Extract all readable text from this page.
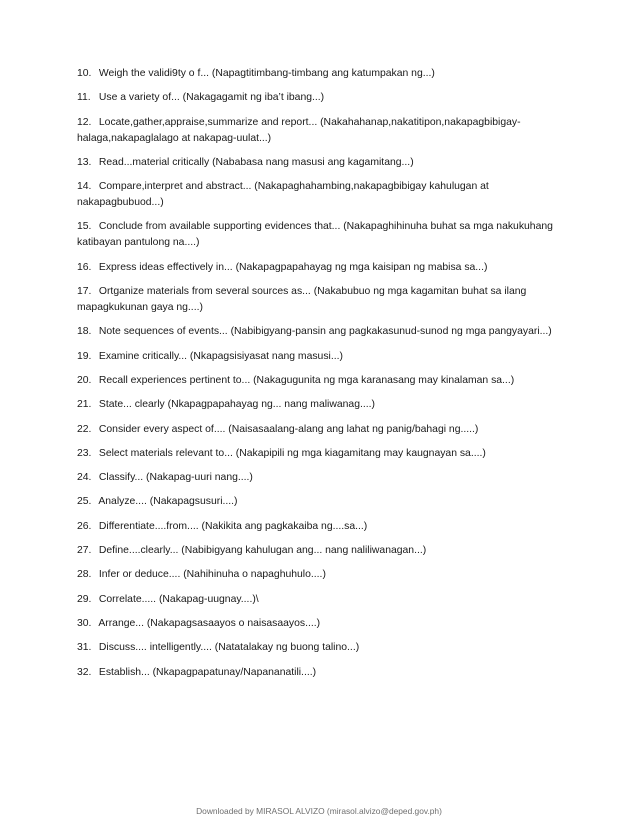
10. Weigh the validi9ty o f... (Napagtitimbang-timbang ang katumpakan ng...)
11. Use a variety of... (Nakagagamit ng iba’t ibang...)
12. Locate,gather,appraise,summarize and report... (Nakahahanap,nakatitipon,nakapagbibigay-halaga,nakapaglalago at nakapag-uulat...)
13. Read...material critically (Nababasa nang masusi ang kagamitang...)
14. Compare,interpret and abstract... (Nakapaghahambing,nakapagbibigay kahulugan at nakapagbubuod...)
15. Conclude from available supporting evidences that... (Nakapaghihinuha buhat sa mga nakukuhang katibayan pantulong na....)
16. Express ideas effectively in... (Nakapagpapahayag ng mga kaisipan ng mabisa sa...)
17. Ortganize materials from several sources as... (Nakabubuo ng mga kagamitan buhat sa ilang mapagkukunan gaya ng....)
18. Note sequences of events... (Nabibigyang-pansin ang pagkakasunud-sunod ng mga pangyayari...)
19. Examine critically... (Nkapagsisiyasat nang masusi...)
20. Recall experiences pertinent to... (Nakagugunita ng mga karanasang may kinalaman sa...)
21. State... clearly (Nkapagpapahayag ng... nang maliwanag....)
22. Consider every aspect of.... (Naisasaalang-alang ang lahat ng panig/bahagi ng.....)
23. Select materials relevant to... (Nakapipili ng mga kiagamitang may kaugnayan sa....)
24. Classify... (Nakapag-uuri nang....)
25. Analyze.... (Nakapagsusuri....)
26. Differentiate....from.... (Nakikita ang pagkakaiba ng....sa...)
27. Define....clearly... (Nabibigyang kahulugan ang... nang naliliwanagan...)
28. Infer or deduce.... (Nahihinuha o napaghuhulo....)
29. Correlate..... (Nakapag-uugnay....)\
30. Arrange... (Nakapagsasaayos o naisasaayos....)
31. Discuss.... intelligently.... (Natatalakay ng buong talino...)
32. Establish... (Nkapagpapatunay/Napananatili....)
Downloaded by MIRASOL ALVIZO (mirasol.alvizo@deped.gov.ph)
